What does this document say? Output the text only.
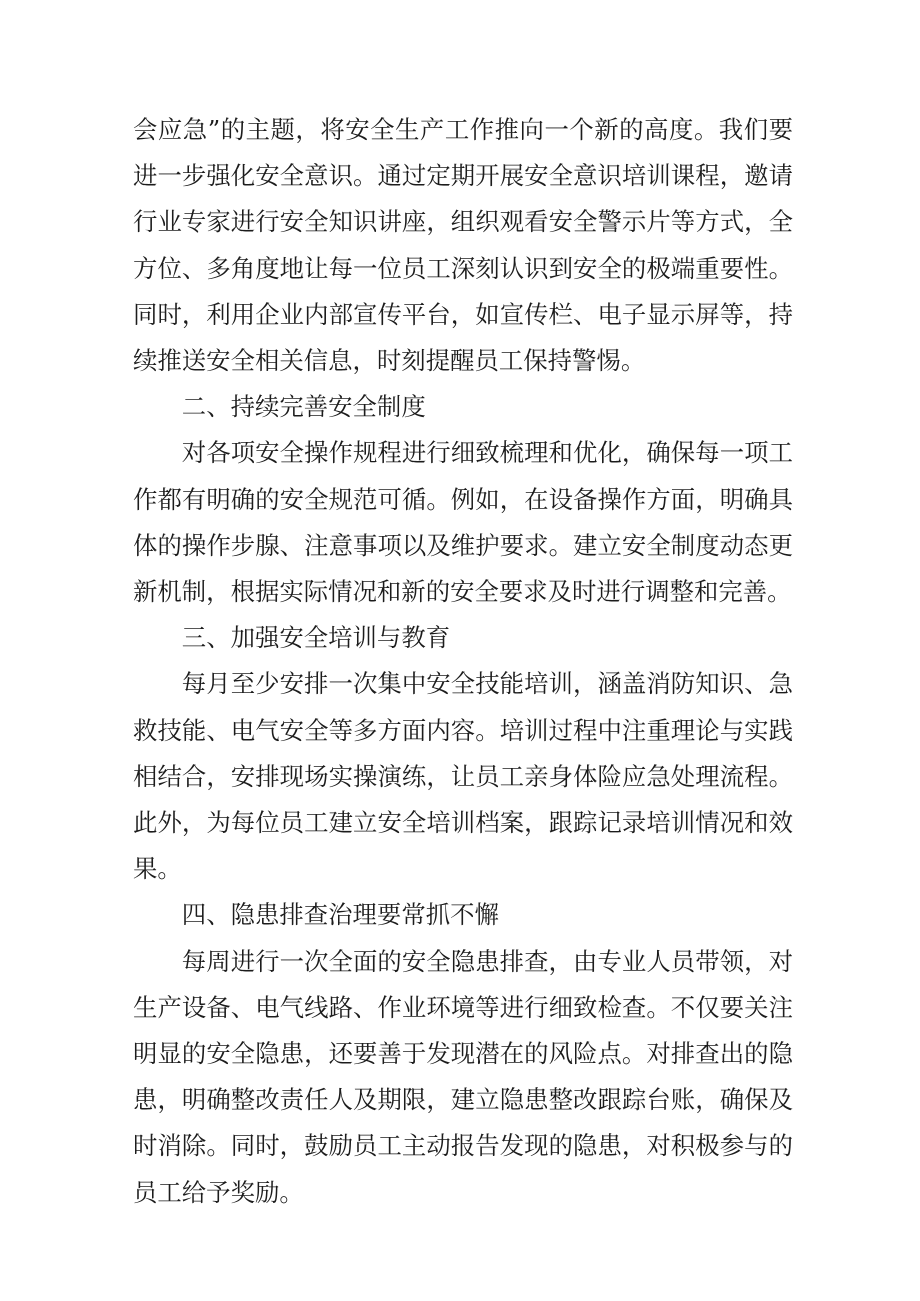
会应急”的主题，将安全生产工作推向一个新的高度。我们要进一步强化安全意识。通过定期开展安全意识培训课程，邀请行业专家进行安全知识讲座，组织观看安全警示片等方式，全方位、多角度地让每一位员工深刻认识到安全的极端重要性。同时，利用企业内部宣传平台，如宣传栏、电子显示屏等，持续推送安全相关信息，时刻提醒员工保持警惕。

二、持续完善安全制度

对各项安全操作规程进行细致梳理和优化，确保每一项工作都有明确的安全规范可循。例如，在设备操作方面，明确具体的操作步腺、注意事项以及维护要求。建立安全制度动态更新机制，根据实际情况和新的安全要求及时进行调整和完善。

三、加强安全培训与教育

每月至少安排一次集中安全技能培训，涵盖消防知识、急救技能、电气安全等多方面内容。培训过程中注重理论与实践相结合，安排现场实操演练，让员工亲身体险应急处理流程。此外，为每位员工建立安全培训档案，跟踪记录培训情况和效果。

四、隐患排查治理要常抓不懈

每周进行一次全面的安全隐患排查，由专业人员带领，对生产设备、电气线路、作业环境等进行细致检查。不仅要关注明显的安全隐患，还要善于发现潜在的风险点。对排查出的隐患，明确整改责任人及期限，建立隐患整改跟踪台账，确保及时消除。同时，鼓励员工主动报告发现的隐患，对积极参与的员工给予奖励。
